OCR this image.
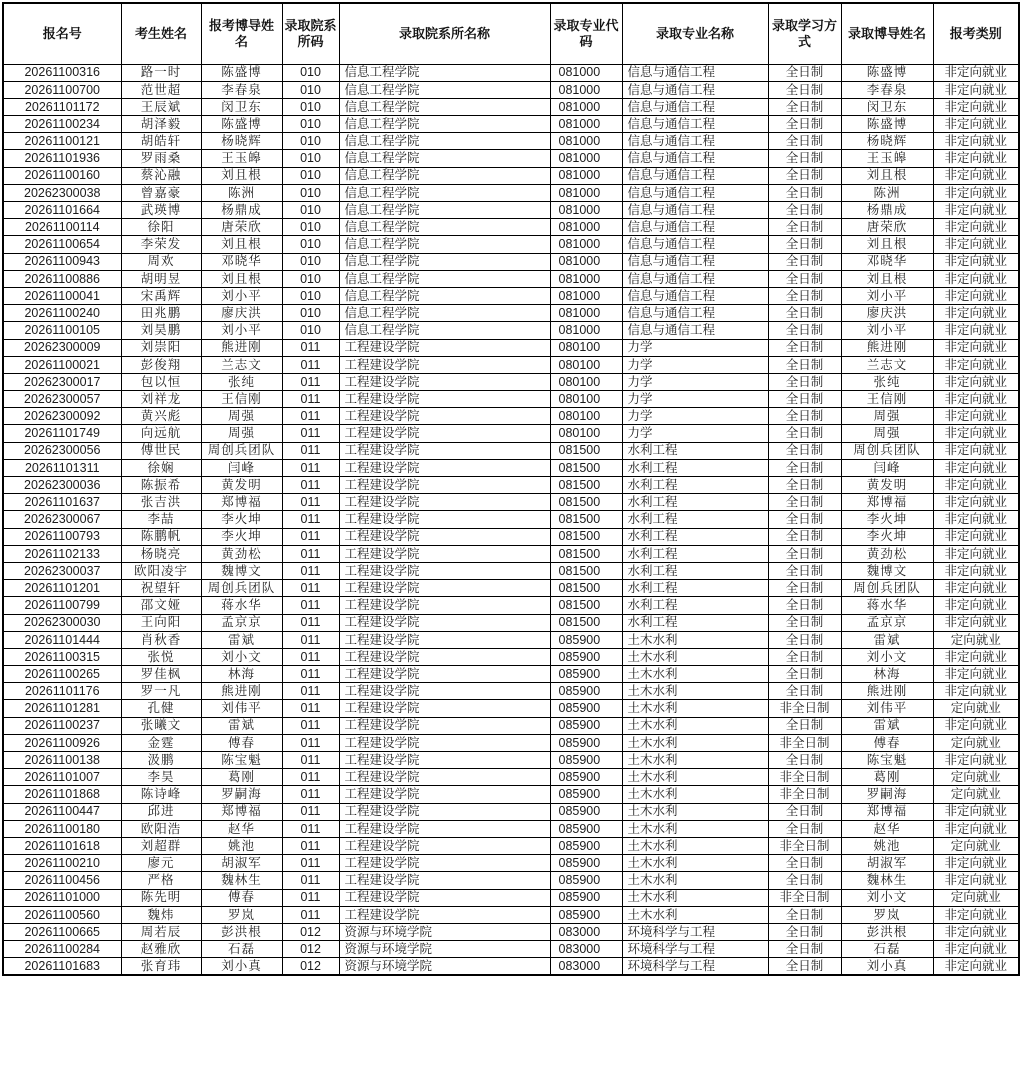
报名号	考生姓名	报考博导姓名	录取院系所码	录取院系所名称	录取专业代码	录取专业名称	录取学习方式	录取博导姓名	报考类别
20261100316	路一时	陈盛博	010	信息工程学院	081000	信息与通信工程	全日制	陈盛博	非定向就业
20261100700	范世超	李春泉	010	信息工程学院	081000	信息与通信工程	全日制	李春泉	非定向就业
20261101172	王辰斌	闵卫东	010	信息工程学院	081000	信息与通信工程	全日制	闵卫东	非定向就业
20261100234	胡泽毅	陈盛博	010	信息工程学院	081000	信息与通信工程	全日制	陈盛博	非定向就业
20261100121	胡皓轩	杨晓辉	010	信息工程学院	081000	信息与通信工程	全日制	杨晓辉	非定向就业
20261101936	罗雨桑	王玉皞	010	信息工程学院	081000	信息与通信工程	全日制	王玉皞	非定向就业
20261100160	蔡沁融	刘且根	010	信息工程学院	081000	信息与通信工程	全日制	刘且根	非定向就业
20262300038	曾嘉豪	陈洲	010	信息工程学院	081000	信息与通信工程	全日制	陈洲	非定向就业
20261101664	武瑛博	杨鼎成	010	信息工程学院	081000	信息与通信工程	全日制	杨鼎成	非定向就业
20261100114	徐阳	唐荣欣	010	信息工程学院	081000	信息与通信工程	全日制	唐荣欣	非定向就业
20261100654	李荣发	刘且根	010	信息工程学院	081000	信息与通信工程	全日制	刘且根	非定向就业
20261100943	周欢	邓晓华	010	信息工程学院	081000	信息与通信工程	全日制	邓晓华	非定向就业
20261100886	胡明昱	刘且根	010	信息工程学院	081000	信息与通信工程	全日制	刘且根	非定向就业
20261100041	宋禹辉	刘小平	010	信息工程学院	081000	信息与通信工程	全日制	刘小平	非定向就业
20261100240	田兆鹏	廖庆洪	010	信息工程学院	081000	信息与通信工程	全日制	廖庆洪	非定向就业
20261100105	刘昊鹏	刘小平	010	信息工程学院	081000	信息与通信工程	全日制	刘小平	非定向就业
20262300009	刘崇阳	熊进刚	011	工程建设学院	080100	力学	全日制	熊进刚	非定向就业
20261100021	彭俊翔	兰志文	011	工程建设学院	080100	力学	全日制	兰志文	非定向就业
20262300017	包以恒	张纯	011	工程建设学院	080100	力学	全日制	张纯	非定向就业
20262300057	刘祥龙	王信刚	011	工程建设学院	080100	力学	全日制	王信刚	非定向就业
20262300092	黄兴彪	周强	011	工程建设学院	080100	力学	全日制	周强	非定向就业
20261101749	向远航	周强	011	工程建设学院	080100	力学	全日制	周强	非定向就业
20262300056	傅世民	周创兵团队	011	工程建设学院	081500	水利工程	全日制	周创兵团队	非定向就业
20261101311	徐娴	闫峰	011	工程建设学院	081500	水利工程	全日制	闫峰	非定向就业
20262300036	陈振希	黄发明	011	工程建设学院	081500	水利工程	全日制	黄发明	非定向就业
20261101637	张吉洪	郑博福	011	工程建设学院	081500	水利工程	全日制	郑博福	非定向就业
20262300067	李喆	李火坤	011	工程建设学院	081500	水利工程	全日制	李火坤	非定向就业
20261100793	陈鹏帆	李火坤	011	工程建设学院	081500	水利工程	全日制	李火坤	非定向就业
20261102133	杨晓亮	黄劲松	011	工程建设学院	081500	水利工程	全日制	黄劲松	非定向就业
20262300037	欧阳凌宇	魏博文	011	工程建设学院	081500	水利工程	全日制	魏博文	非定向就业
20261101201	祝望轩	周创兵团队	011	工程建设学院	081500	水利工程	全日制	周创兵团队	非定向就业
20261100799	邵文娅	蒋水华	011	工程建设学院	081500	水利工程	全日制	蒋水华	非定向就业
20262300030	王向阳	孟京京	011	工程建设学院	081500	水利工程	全日制	孟京京	非定向就业
20261101444	肖秋香	雷斌	011	工程建设学院	085900	土木水利	全日制	雷斌	定向就业
20261100315	张悦	刘小文	011	工程建设学院	085900	土木水利	全日制	刘小文	非定向就业
20261100265	罗佳枫	林海	011	工程建设学院	085900	土木水利	全日制	林海	非定向就业
20261101176	罗一凡	熊进刚	011	工程建设学院	085900	土木水利	全日制	熊进刚	非定向就业
20261101281	孔健	刘伟平	011	工程建设学院	085900	土木水利	非全日制	刘伟平	定向就业
20261100237	张曦文	雷斌	011	工程建设学院	085900	土木水利	全日制	雷斌	非定向就业
20261100926	金霆	傅春	011	工程建设学院	085900	土木水利	非全日制	傅春	定向就业
20261100138	汲鹏	陈宝魁	011	工程建设学院	085900	土木水利	全日制	陈宝魁	非定向就业
20261101007	李昊	葛刚	011	工程建设学院	085900	土木水利	非全日制	葛刚	定向就业
20261101868	陈诗峰	罗嗣海	011	工程建设学院	085900	土木水利	非全日制	罗嗣海	定向就业
20261100447	邱进	郑博福	011	工程建设学院	085900	土木水利	全日制	郑博福	非定向就业
20261100180	欧阳浩	赵华	011	工程建设学院	085900	土木水利	全日制	赵华	非定向就业
20261101618	刘超群	姚池	011	工程建设学院	085900	土木水利	非全日制	姚池	定向就业
20261100210	廖元	胡淑军	011	工程建设学院	085900	土木水利	全日制	胡淑军	非定向就业
20261100456	严格	魏林生	011	工程建设学院	085900	土木水利	全日制	魏林生	非定向就业
20261101000	陈先明	傅春	011	工程建设学院	085900	土木水利	非全日制	刘小文	定向就业
20261100560	魏炜	罗岚	011	工程建设学院	085900	土木水利	全日制	罗岚	非定向就业
20261100665	周若辰	彭洪根	012	资源与环境学院	083000	环境科学与工程	全日制	彭洪根	非定向就业
20261100284	赵雅欣	石磊	012	资源与环境学院	083000	环境科学与工程	全日制	石磊	非定向就业
20261101683	张育玮	刘小真	012	资源与环境学院	083000	环境科学与工程	全日制	刘小真	非定向就业
